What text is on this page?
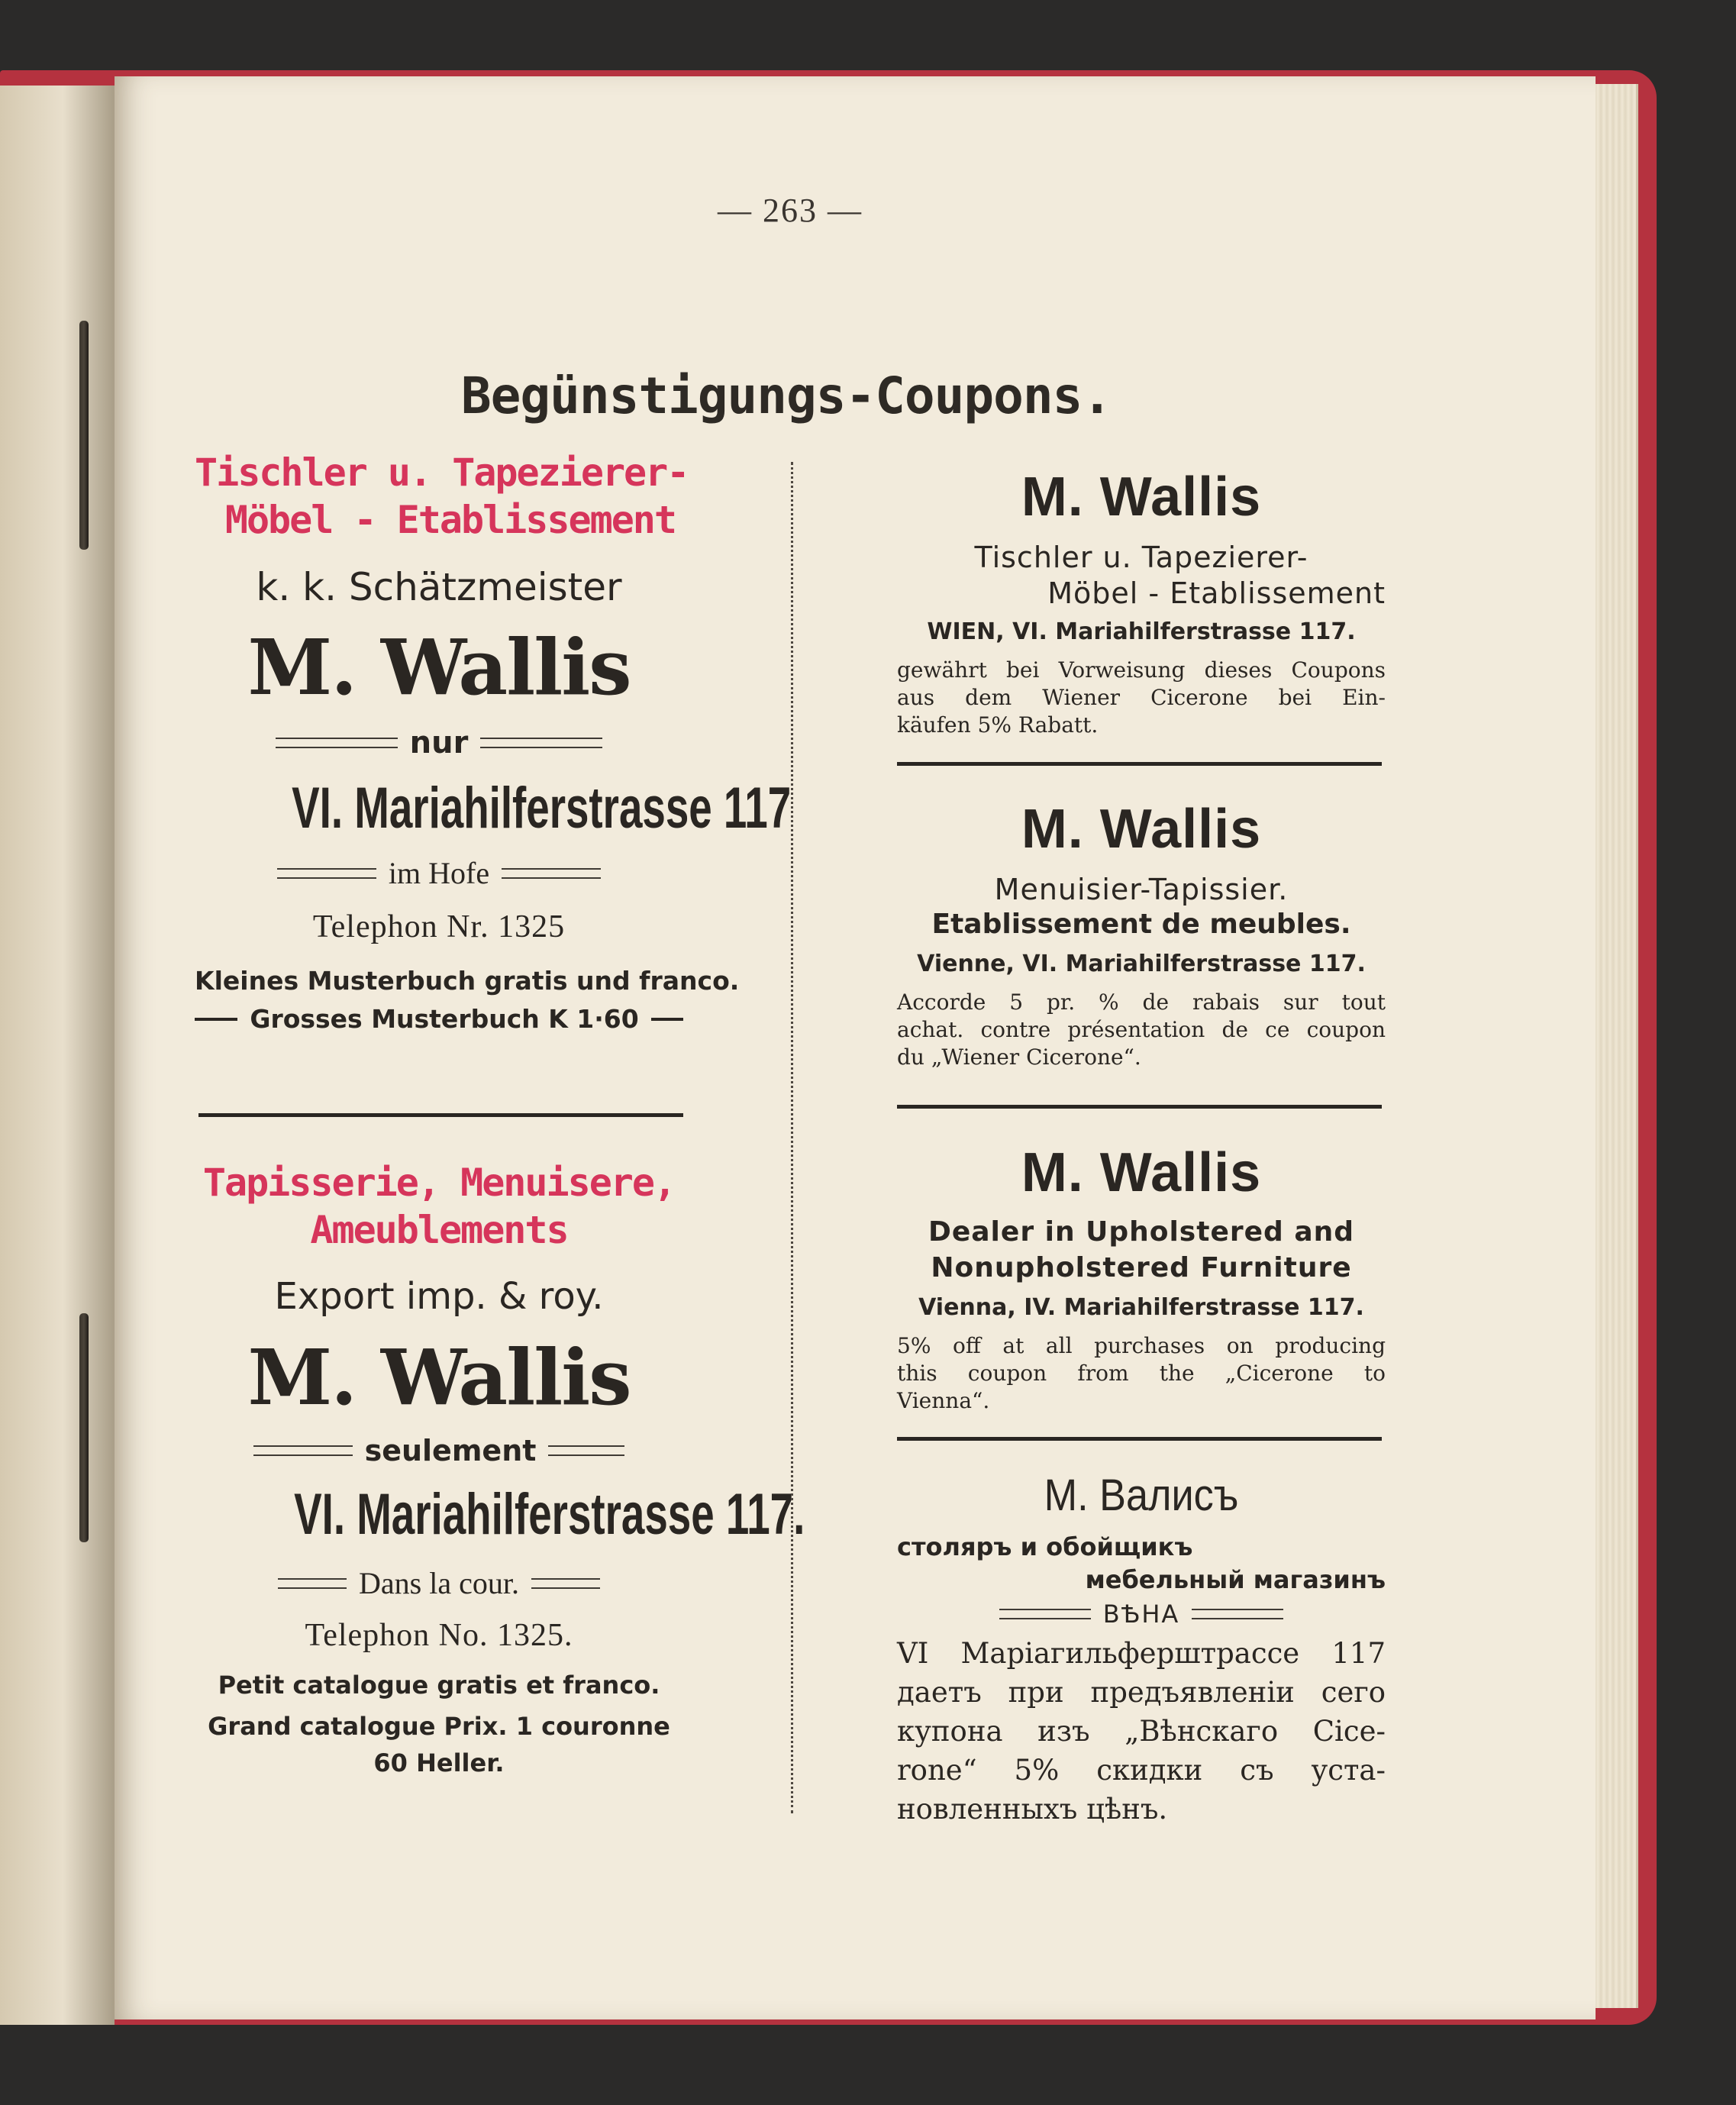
— 263 —
Begünstigungs-Coupons.
Tischler u. Tapezierer-
Möbel - Etablissement
k. k. Schätzmeister
M. Wallis
nur
VI. Mariahilferstrasse 117
im Hofe
Telephon Nr. 1325
Kleines Musterbuch gratis und franco.
Grosses Musterbuch K 1·60
Tapisserie, Menuisere,
Ameublements
Export imp. & roy.
M. Wallis
seulement
VI. Mariahilferstrasse 117.
Dans la cour.
Telephon No. 1325.
Petit catalogue gratis et franco.
Grand catalogue Prix. 1 couronne
60 Heller.
M. Wallis
Tischler u. Tapezierer-
Möbel - Etablissement
WIEN, VI. Mariahilferstrasse 117.
gewährt bei Vorweisung dieses Coupons
aus dem Wiener Cicerone bei Ein-
käufen 5% Rabatt.
M. Wallis
Menuisier-Tapissier.
Etablissement de meubles.
Vienne, VI. Mariahilferstrasse 117.
Accorde 5 pr. % de rabais sur tout
achat. contre présentation de ce coupon
du „Wiener Cicerone“.
M. Wallis
Dealer in Upholstered and
Nonupholstered Furniture
Vienna, IV. Mariahilferstrasse 117.
5% off at all purchases on producing
this coupon from the „Cicerone to
Vienna“.
M. Валисъ
столяръ и обойщикъ
мебельный магазинъ
ВѢНА
VI Маріагильферштрассе 117
даетъ при предъявленіи сего
купона изъ „Вѣнскаго Cice-
rone“ 5% скидки съ уста-
новленныхъ цѣнъ.
